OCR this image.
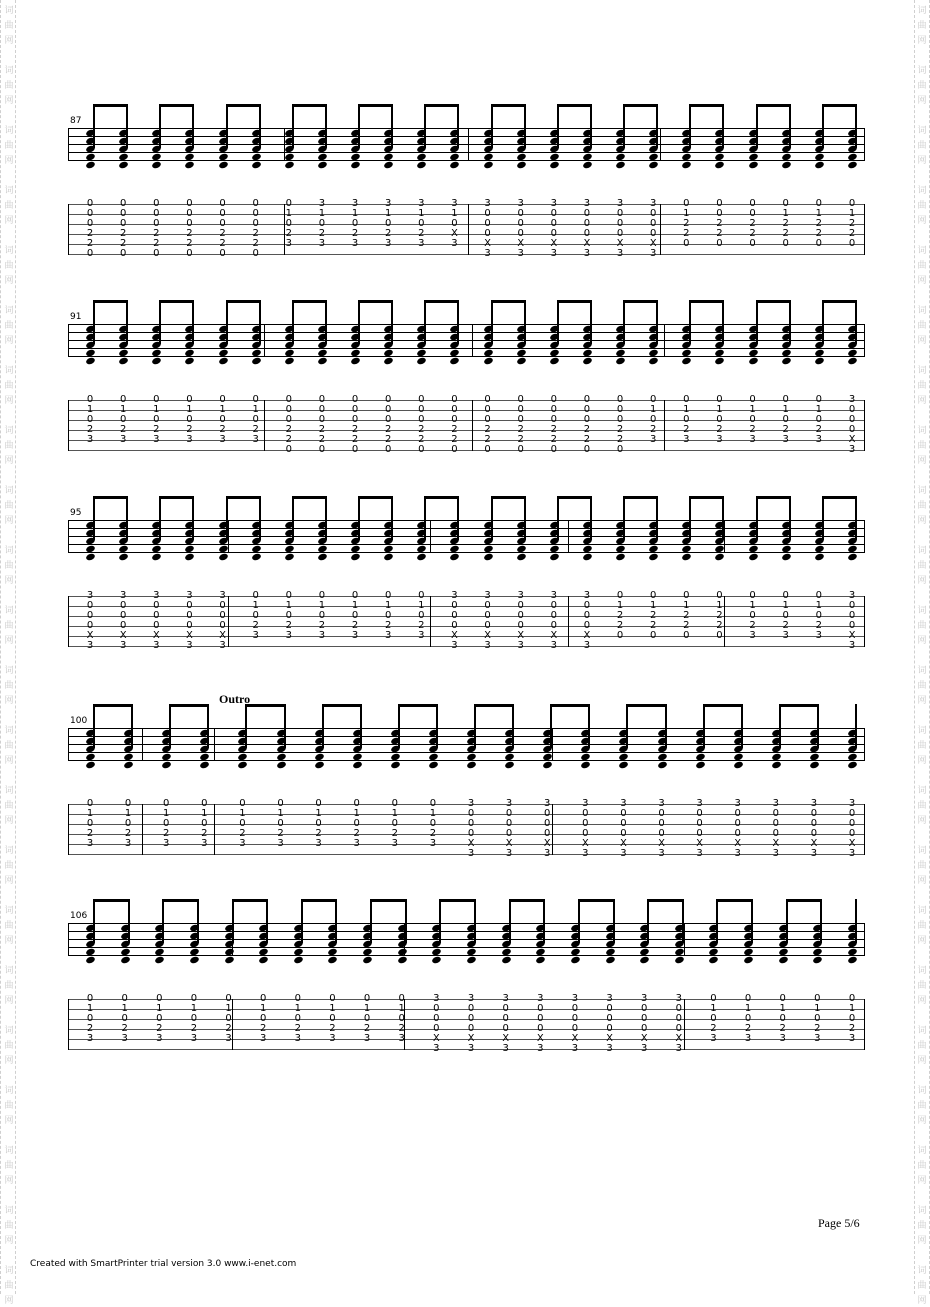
87
0
0
0
2
2
0
0
0
0
2
2
0
0
0
0
2
2
0
0
0
0
2
2
0
0
0
0
2
2
0
0
0
0
2
2
0
0
1
0
2
3
3
1
0
2
3
3
1
0
2
3
3
1
0
2
3
3
1
0
2
3
3
1
0
X
3
3
0
0
0
X
3
3
0
0
0
X
3
3
0
0
0
X
3
3
0
0
0
X
3
3
0
0
0
X
3
3
0
0
0
X
3
0
1
2
2
0
0
0
2
2
0
0
0
2
2
0
0
1
2
2
0
0
1
2
2
0
0
1
2
2
0
91
0
1
0
2
3
0
1
0
2
3
0
1
0
2
3
0
1
0
2
3
0
1
0
2
3
0
1
0
2
3
0
0
0
2
2
0
0
0
0
2
2
0
0
0
0
2
2
0
0
0
0
2
2
0
0
0
0
2
2
0
0
0
0
2
2
0
0
0
0
2
2
0
0
0
0
2
2
0
0
0
0
2
2
0
0
0
0
2
2
0
0
0
0
2
2
0
0
1
0
2
3
0
1
0
2
3
0
1
0
2
3
0
1
0
2
3
0
1
0
2
3
0
1
0
2
3
3
0
0
0
X
3
95
3
0
0
0
X
3
3
0
0
0
X
3
3
0
0
0
X
3
3
0
0
0
X
3
3
0
0
0
X
3
0
1
0
2
3
0
1
0
2
3
0
1
0
2
3
0
1
0
2
3
0
1
0
2
3
0
1
0
2
3
3
0
0
0
X
3
3
0
0
0
X
3
3
0
0
0
X
3
3
0
0
0
X
3
3
0
0
0
X
3
0
1
2
2
0
0
1
2
2
0
0
1
2
2
0
0
1
2
2
0
0
1
0
2
3
0
1
0
2
3
0
1
0
2
3
3
0
0
0
X
3
100
0
1
0
2
3
0
1
0
2
3
0
1
0
2
3
0
1
0
2
3
0
1
0
2
3
0
1
0
2
3
0
1
0
2
3
0
1
0
2
3
0
1
0
2
3
0
1
0
2
3
3
0
0
0
X
3
3
0
0
0
X
3
3
0
0
0
X
3
3
0
0
0
X
3
3
0
0
0
X
3
3
0
0
0
X
3
3
0
0
0
X
3
3
0
0
0
X
3
3
0
0
0
X
3
3
0
0
0
X
3
3
0
0
0
X
3
106
0
1
0
2
3
0
1
0
2
3
0
1
0
2
3
0
1
0
2
3
0
1
0
2
3
0
1
0
2
3
0
1
0
2
3
0
1
0
2
3
0
1
0
2
3
0
1
0
2
3
3
0
0
0
X
3
3
0
0
0
X
3
3
0
0
0
X
3
3
0
0
0
X
3
3
0
0
0
X
3
3
0
0
0
X
3
3
0
0
0
X
3
3
0
0
0
X
3
0
1
0
2
3
0
1
0
2
3
0
1
0
2
3
0
1
0
2
3
0
1
0
2
3
Outro
Page 5/6
Created with SmartPrinter trial version 3.0 www.i-enet.com
词
曲
网
词
曲
网
词
曲
网
词
曲
网
词
曲
网
词
曲
网
词
曲
网
词
曲
网
词
曲
网
词
曲
网
词
曲
网
词
曲
网
词
曲
网
词
曲
网
词
曲
网
词
曲
网
词
曲
网
词
曲
网
词
曲
网
词
曲
网
词
曲
网
词
曲
网
词
曲
网
词
曲
网
词
曲
网
词
曲
网
词
曲
网
词
曲
网
词
曲
网
词
曲
网
词
曲
网
词
曲
网
词
曲
网
词
曲
网
词
曲
网
词
曲
网
词
曲
网
词
曲
网
词
曲
网
词
曲
网
词
曲
网
词
曲
网
词
曲
网
词
曲
网
